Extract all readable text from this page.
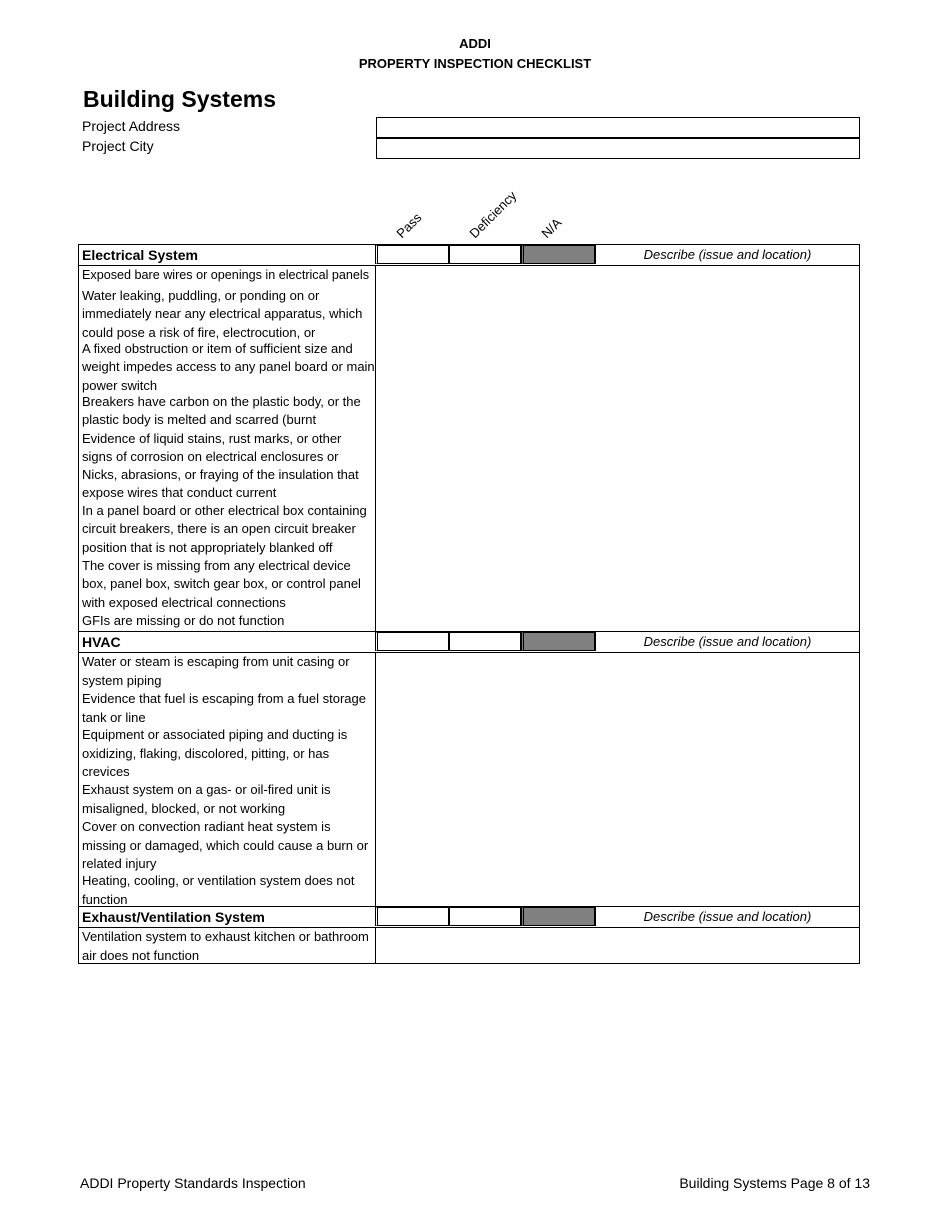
ADDI
PROPERTY INSPECTION CHECKLIST
Building Systems
Project Address
Project City
Pass	Deficiency N/A
Electrical System	Describe (issue and location)
Exposed bare wires or openings in electrical panels
Water leaking, puddling, or ponding on or immediately near any electrical apparatus, which could pose a risk of fire, electrocution, or
A fixed obstruction or item of sufficient size and weight impedes access to any panel board or main power switch
Breakers have carbon on the plastic body, or the plastic body is melted and scarred (burnt
Evidence of liquid stains, rust marks, or other signs of corrosion on electrical enclosures or
Nicks, abrasions, or fraying of the insulation that expose wires that conduct current
In a panel board or other electrical box containing circuit breakers, there is an open circuit breaker position that is not appropriately blanked off
The cover is missing from any electrical device box, panel box, switch gear box, or control panel with exposed electrical connections
GFIs are missing or do not function
HVAC	Describe (issue and location)
Water or steam is escaping from unit casing or system piping
Evidence that fuel is escaping from a fuel storage tank or line
Equipment or associated piping and ducting is oxidizing, flaking, discolored, pitting, or has crevices
Exhaust system on a gas- or oil-fired unit is misaligned, blocked, or not working
Cover on convection radiant heat system is missing or damaged, which could cause a burn or related injury
Heating, cooling, or ventilation system does not function
Exhaust/Ventilation System	Describe (issue and location)
Ventilation system to exhaust kitchen or bathroom air does not function
ADDI Property Standards Inspection	Building Systems Page 8 of 13
